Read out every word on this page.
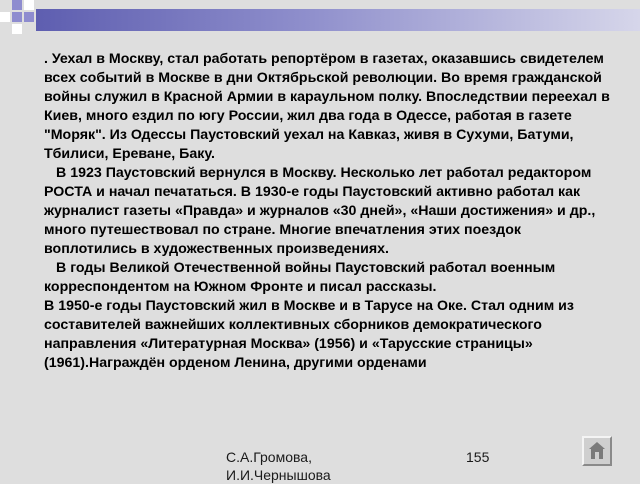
. Уехал в Москву, стал работать репортёром в газетах, оказавшись свидетелем всех событий в Москве в дни Октябрьской революции. Во время гражданской войны служил в Красной Армии в караульном полку. Впоследствии переехал в Киев, много ездил по югу России, жил два года в Одессе, работая в газете "Моряк". Из Одессы Паустовский уехал на Кавказ, живя в Сухуми, Батуми, Тбилиси, Ереване, Баку.

В 1923 Паустовский вернулся в Москву. Несколько лет работал редактором РОСТА и начал печататься. В 1930-е годы Паустовский активно работал как журналист газеты «Правда» и журналов «30 дней», «Наши достижения» и др., много путешествовал по стране. Многие впечатления этих поездок воплотились в художественных произведениях.

В годы Великой Отечественной войны Паустовский работал военным корреспондентом на Южном Фронте и писал рассказы.

В 1950-е годы Паустовский жил в Москве и в Тарусе на Оке. Стал одним из составителей важнейших коллективных сборников демократического направления «Литературная Москва» (1956) и «Тарусские страницы» (1961).Награждён орденом Ленина, другими орденами

С.А.Громова, И.И.Чернышова
155
